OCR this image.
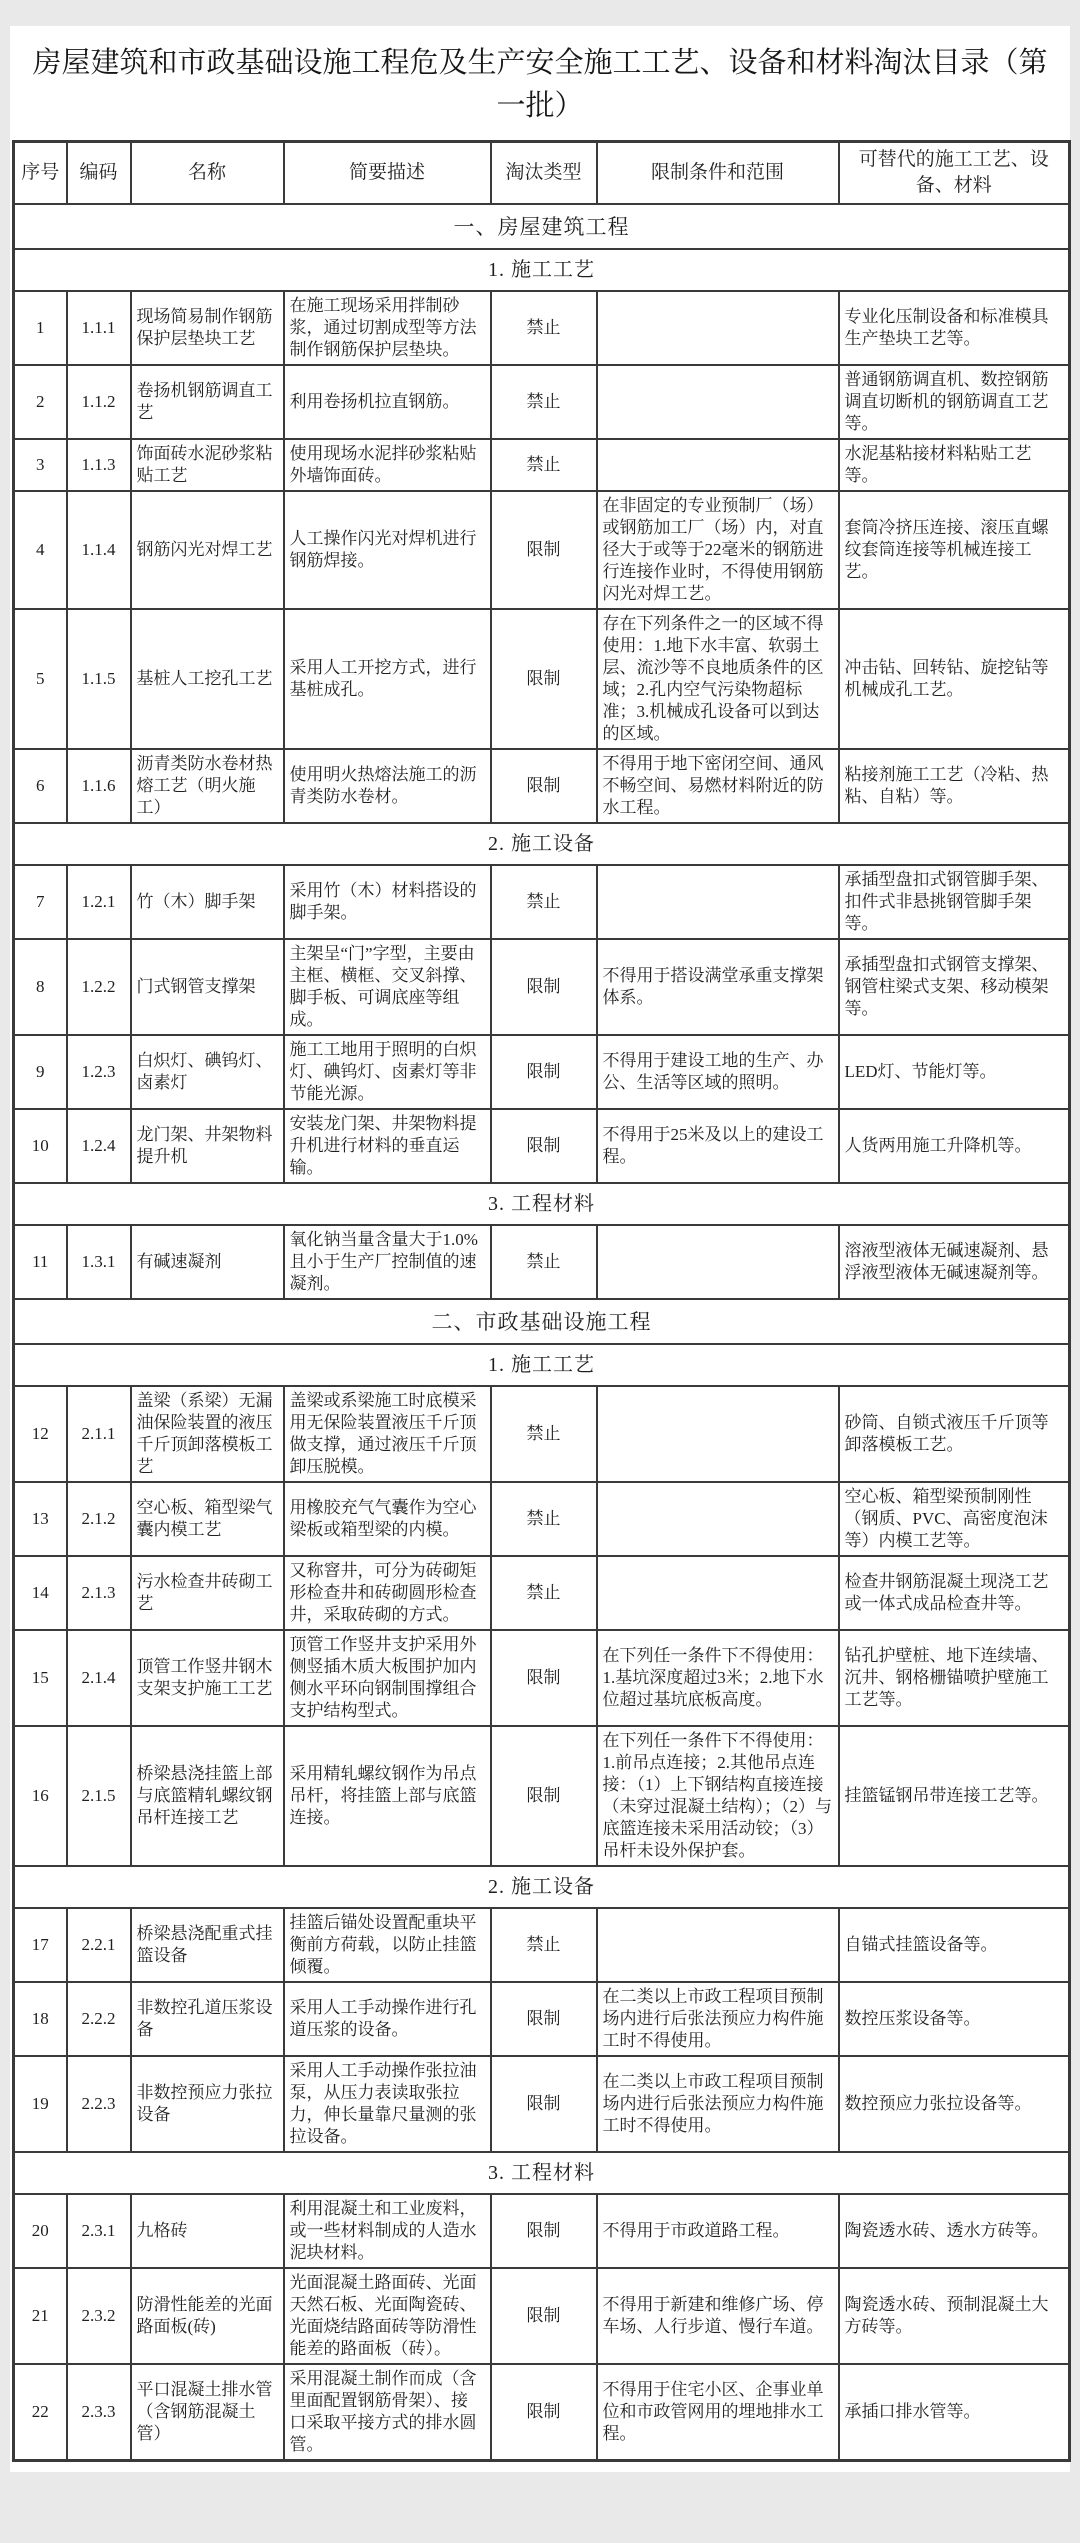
房屋建筑和市政基础设施工程危及生产安全施工工艺、设备和材料淘汰目录（第一批）
序号	编码	名称	简要描述	淘汰类型	限制条件和范围	可替代的施工工艺、设备、材料
一、房屋建筑工程						
1. 施工工艺						
1	1.1.1	现场简易制作钢筋保护层垫块工艺	在施工现场采用拌制砂浆，通过切割成型等方法制作钢筋保护层垫块。	禁止		专业化压制设备和标准模具生产垫块工艺等。
2	1.1.2	卷扬机钢筋调直工艺	利用卷扬机拉直钢筋。	禁止		普通钢筋调直机、数控钢筋调直切断机的钢筋调直工艺等。
3	1.1.3	饰面砖水泥砂浆粘贴工艺	使用现场水泥拌砂浆粘贴外墙饰面砖。	禁止		水泥基粘接材料粘贴工艺等。
4	1.1.4	钢筋闪光对焊工艺	人工操作闪光对焊机进行钢筋焊接。	限制	在非固定的专业预制厂（场）或钢筋加工厂（场）内，对直径大于或等于22毫米的钢筋进行连接作业时，不得使用钢筋闪光对焊工艺。	套筒冷挤压连接、滚压直螺纹套筒连接等机械连接工艺。
5	1.1.5	基桩人工挖孔工艺	采用人工开挖方式，进行基桩成孔。	限制	存在下列条件之一的区域不得使用：1.地下水丰富、软弱土层、流沙等不良地质条件的区域；2.孔内空气污染物超标准；3.机械成孔设备可以到达的区域。	冲击钻、回转钻、旋挖钻等机械成孔工艺。
6	1.1.6	沥青类防水卷材热熔工艺（明火施工）	使用明火热熔法施工的沥青类防水卷材。	限制	不得用于地下密闭空间、通风不畅空间、易燃材料附近的防水工程。	粘接剂施工工艺（冷粘、热粘、自粘）等。
2. 施工设备						
7	1.2.1	竹（木）脚手架	采用竹（木）材料搭设的脚手架。	禁止		承插型盘扣式钢管脚手架、扣件式非悬挑钢管脚手架等。
8	1.2.2	门式钢管支撑架	主架呈“门”字型，主要由主框、横框、交叉斜撑、脚手板、可调底座等组成。	限制	不得用于搭设满堂承重支撑架体系。	承插型盘扣式钢管支撑架、钢管柱梁式支架、移动模架等。
9	1.2.3	白炽灯、碘钨灯、卤素灯	施工工地用于照明的白炽灯、碘钨灯、卤素灯等非节能光源。	限制	不得用于建设工地的生产、办公、生活等区域的照明。	LED灯、节能灯等。
10	1.2.4	龙门架、井架物料提升机	安装龙门架、井架物料提升机进行材料的垂直运输。	限制	不得用于25米及以上的建设工程。	人货两用施工升降机等。
3. 工程材料						
11	1.3.1	有碱速凝剂	氧化钠当量含量大于1.0%且小于生产厂控制值的速凝剂。	禁止		溶液型液体无碱速凝剂、悬浮液型液体无碱速凝剂等。
二、市政基础设施工程						
1. 施工工艺						
12	2.1.1	盖梁（系梁）无漏油保险装置的液压千斤顶卸落模板工艺	盖梁或系梁施工时底模采用无保险装置液压千斤顶做支撑，通过液压千斤顶卸压脱模。	禁止		砂筒、自锁式液压千斤顶等卸落模板工艺。
13	2.1.2	空心板、箱型梁气囊内模工艺	用橡胶充气气囊作为空心梁板或箱型梁的内模。	禁止		空心板、箱型梁预制刚性（钢质、PVC、高密度泡沫等）内模工艺等。
14	2.1.3	污水检查井砖砌工艺	又称窨井，可分为砖砌矩形检查井和砖砌圆形检查井，采取砖砌的方式。	禁止		检查井钢筋混凝土现浇工艺或一体式成品检查井等。
15	2.1.4	顶管工作竖井钢木支架支护施工工艺	顶管工作竖井支护采用外侧竖插木质大板围护加内侧水平环向钢制围撑组合支护结构型式。	限制	在下列任一条件下不得使用：1.基坑深度超过3米；2.地下水位超过基坑底板高度。	钻孔护壁桩、地下连续墙、沉井、钢格栅锚喷护壁施工工艺等。
16	2.1.5	桥梁悬浇挂篮上部与底篮精轧螺纹钢吊杆连接工艺	采用精轧螺纹钢作为吊点吊杆，将挂篮上部与底篮连接。	限制	在下列任一条件下不得使用：1.前吊点连接；2.其他吊点连接：（1）上下钢结构直接连接（未穿过混凝土结构）；（2）与底篮连接未采用活动铰；（3）吊杆未设外保护套。	挂篮锰钢吊带连接工艺等。
2. 施工设备						
17	2.2.1	桥梁悬浇配重式挂篮设备	挂篮后锚处设置配重块平衡前方荷载，以防止挂篮倾覆。	禁止		自锚式挂篮设备等。
18	2.2.2	非数控孔道压浆设备	采用人工手动操作进行孔道压浆的设备。	限制	在二类以上市政工程项目预制场内进行后张法预应力构件施工时不得使用。	数控压浆设备等。
19	2.2.3	非数控预应力张拉设备	采用人工手动操作张拉油泵，从压力表读取张拉力，伸长量靠尺量测的张拉设备。	限制	在二类以上市政工程项目预制场内进行后张法预应力构件施工时不得使用。	数控预应力张拉设备等。
3. 工程材料						
20	2.3.1	九格砖	利用混凝土和工业废料，或一些材料制成的人造水泥块材料。	限制	不得用于市政道路工程。	陶瓷透水砖、透水方砖等。
21	2.3.2	防滑性能差的光面路面板(砖)	光面混凝土路面砖、光面天然石板、光面陶瓷砖、光面烧结路面砖等防滑性能差的路面板（砖）。	限制	不得用于新建和维修广场、停车场、人行步道、慢行车道。	陶瓷透水砖、预制混凝土大方砖等。
22	2.3.3	平口混凝土排水管（含钢筋混凝土管）	采用混凝土制作而成（含里面配置钢筋骨架）、接口采取平接方式的排水圆管。	限制	不得用于住宅小区、企事业单位和市政管网用的埋地排水工程。	承插口排水管等。
